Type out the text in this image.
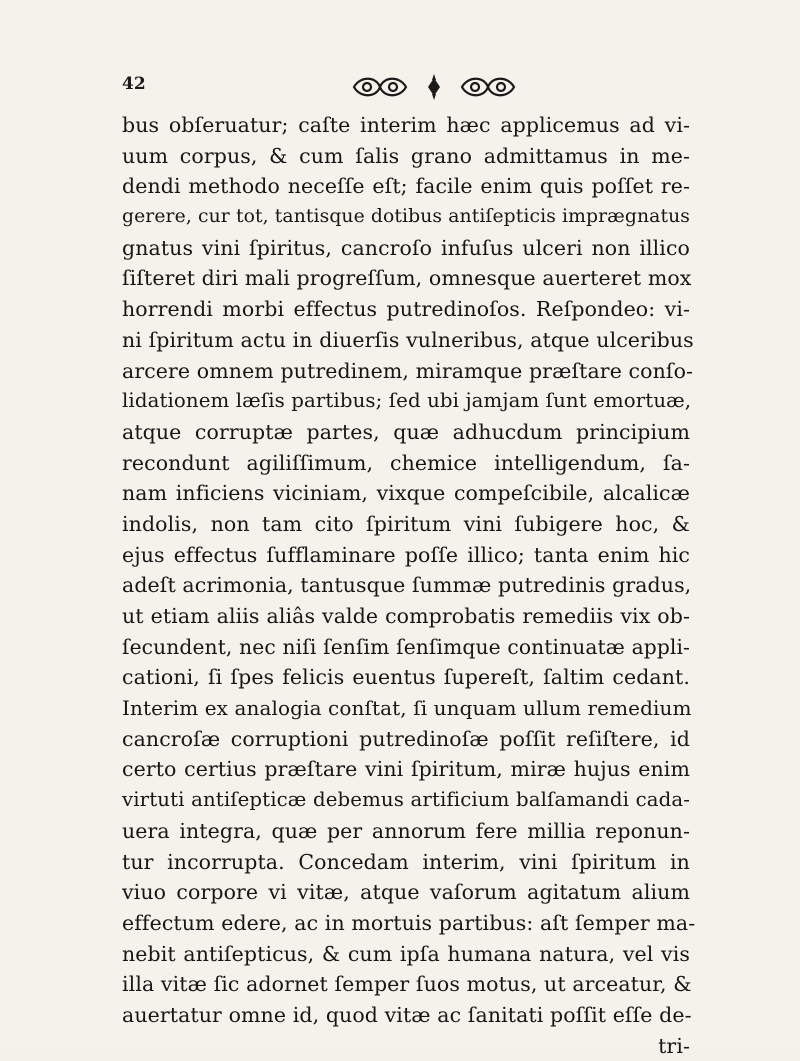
42
bus obſeruatur; caſte interim hæc applicemus ad vi-
uum corpus, & cum ſalis grano admittamus in me-
dendi methodo neceſſe eſt; facile enim quis poſſet re-
gerere, cur tot, tantisque dotibus antiſepticis imprægnatus
gnatus vini ſpiritus, cancroſo infuſus ulceri non illico
ſiſteret diri mali progreſſum, omnesque auerteret mox
horrendi morbi effectus putredinoſos. Reſpondeo: vi-
ni ſpiritum actu in diuerſis vulneribus, atque ulceribus
arcere omnem putredinem, miramque præſtare conſo-
lidationem læſis partibus; ſed ubi jamjam ſunt emortuæ,
atque corruptæ partes, quæ adhucdum principium
recondunt agiliſſimum, chemice intelligendum, ſa-
nam inficiens viciniam, vixque compeſcibile, alcalicæ
indolis, non tam cito ſpiritum vini ſubigere hoc, &
ejus effectus ſufflaminare poſſe illico; tanta enim hic
adeſt acrimonia, tantusque ſummæ putredinis gradus,
ut etiam aliis aliâs valde comprobatis remediis vix ob-
ſecundent, nec niſi ſenſim ſenſimque continuatæ appli-
cationi, ſi ſpes felicis euentus ſupereſt, ſaltim cedant.
Interim ex analogia conſtat, ſi unquam ullum remedium
cancroſæ corruptioni putredinoſæ poſſit reſiſtere, id
certo certius præſtare vini ſpiritum, miræ hujus enim
virtuti antiſepticæ debemus artificium balſamandi cada-
uera integra, quæ per annorum fere millia reponun-
tur incorrupta. Concedam interim, vini ſpiritum in
viuo corpore vi vitæ, atque vaſorum agitatum alium
effectum edere, ac in mortuis partibus: aſt ſemper ma-
nebit antiſepticus, & cum ipſa humana natura, vel vis
illa vitæ ſic adornet ſemper ſuos motus, ut arceatur, &
auertatur omne id, quod vitæ ac ſanitati poſſit eſſe de-
tri-
